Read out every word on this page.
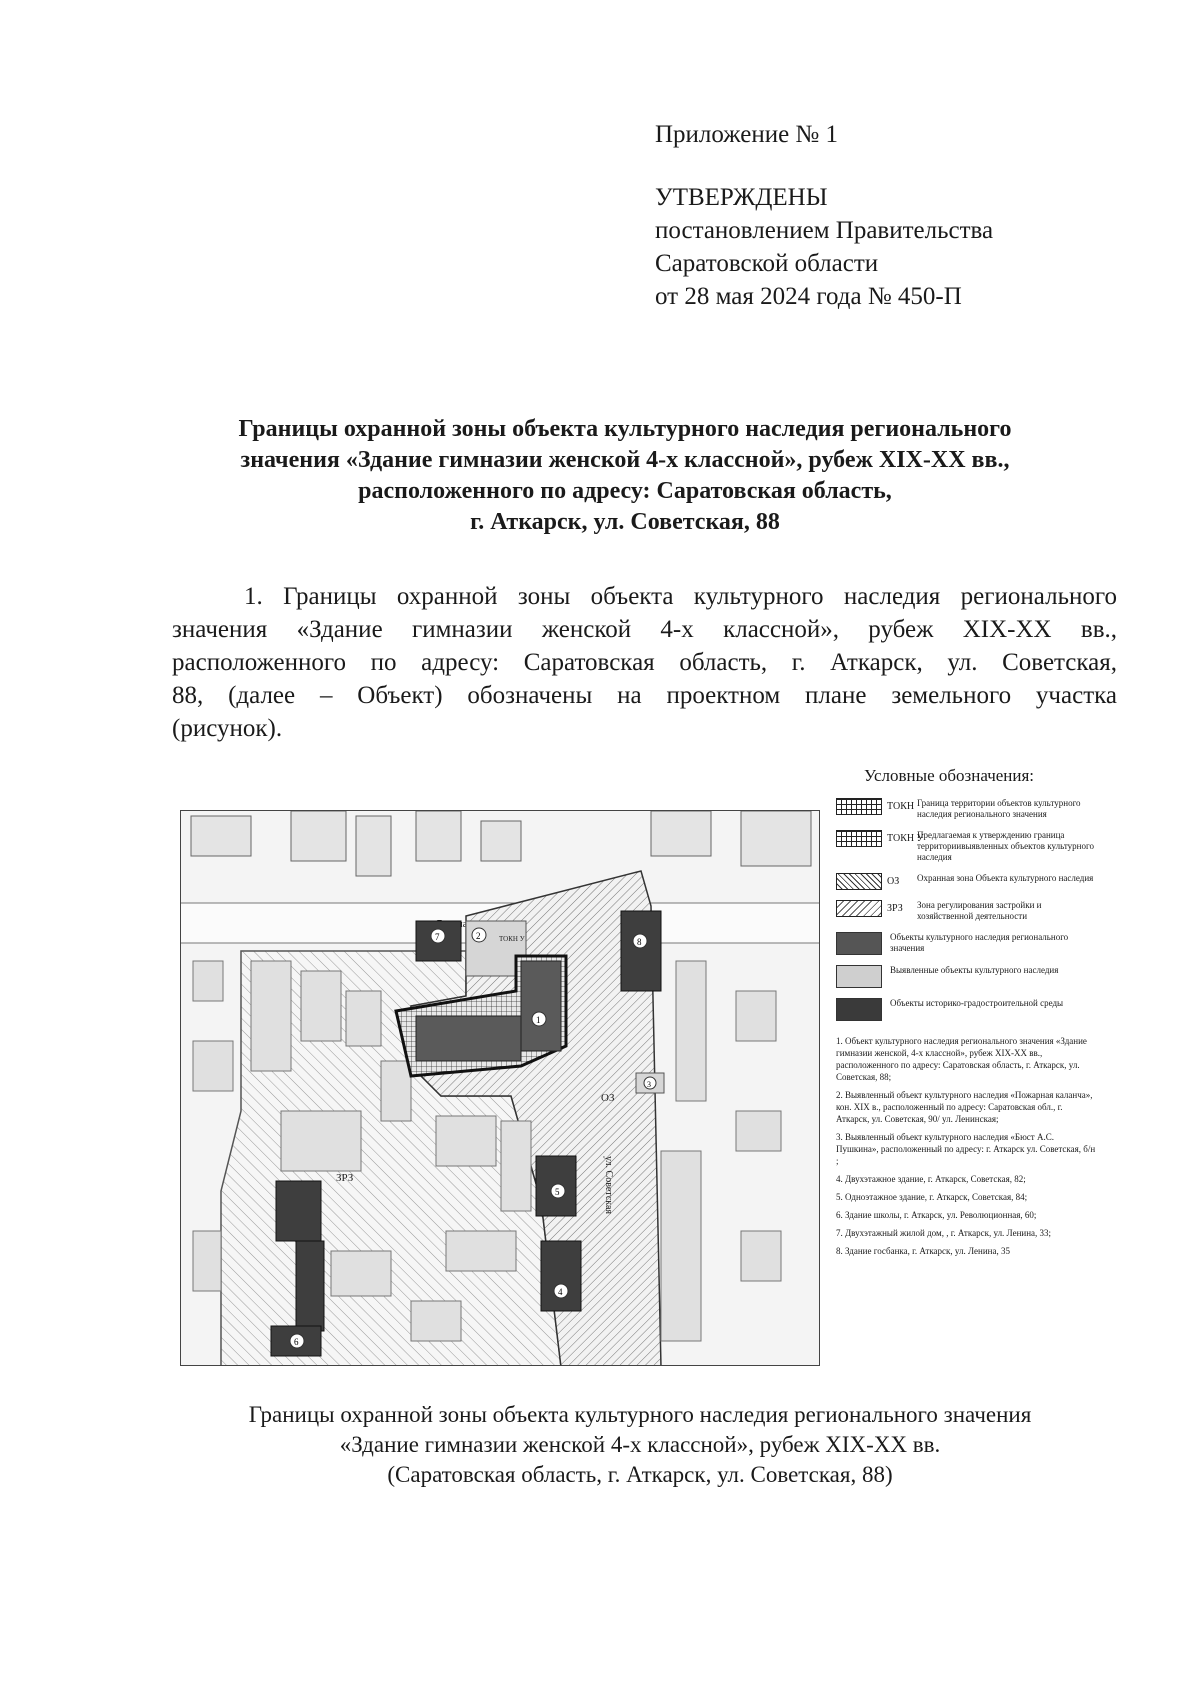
Приложение № 1
УТВЕРЖДЕНЫ
постановлением Правительства
Саратовской области
от 28 мая 2024 года № 450-П
Границы охранной зоны объекта культурного наследия регионального
значения «Здание гимназии женской 4-х классной», рубеж XIX-XX вв.,
расположенного по адресу: Саратовская область,
г. Аткарск, ул. Советская, 88
1. Границы охранной зоны объекта культурного наследия регионального
значения «Здание гимназии женской 4-х классной», рубеж XIX-XX вв.,
расположенного по адресу: Саратовская область, г. Аткарск, ул. Советская,
88, (далее – Объект) обозначены на проектном плане земельного участка
(рисунок).
Условные обозначения:
ТОКН Граница территории объектов культурного наследия регионального значения
ТОКН У
Предлагаемая к утверждению граница территориивыявленных объектов культурного наследия
ОЗ	Охранная зона Объекта культурного наследия
ЗРЗ	Зона регулирования застройки и хозяйственной деятельности
Объекты культурного наследия регионального значения
Выявленные объекты культурного наследия
Объекты историко-градостроительной среды
1. Объект культурного наследия регионального значения «Здание гимназии женской, 4-х классной», рубеж XIX-XX вв., расположенного по адресу: Саратовская область, г. Аткарск, ул. Советская, 88;
2. Выявленный объект культурного наследия «Пожарная каланча», кон. XIX в., расположенный по адресу: Саратовская обл., г. Аткарск, ул. Советская, 90/ ул. Ленинская;
3. Выявленный объект культурного наследия «Бюст А.С. Пушкина», расположенный по адресу: г. Аткарск ул. Советская, б/н ;
4. Двухэтажное здание, г. Аткарск, Советская, 82;
5. Одноэтажное здание, г. Аткарск, Советская, 84;
6. Здание школы, г. Аткарск, ул. Революционная, 60;
7. Двухэтажный жилой дом, , г. Аткарск, ул. Ленина, 33;
8. Здание госбанка, г. Аткарск, ул. Ленина, 35
ЗРЗ
ОЗ
ул. Советская
2	ТОКН У
1
3
4
5
6
7	8
Границы охранной зоны объекта культурного наследия регионального значения
«Здание гимназии женской 4-х классной», рубеж XIX-XX вв.
(Саратовская область, г. Аткарск, ул. Советская, 88)
